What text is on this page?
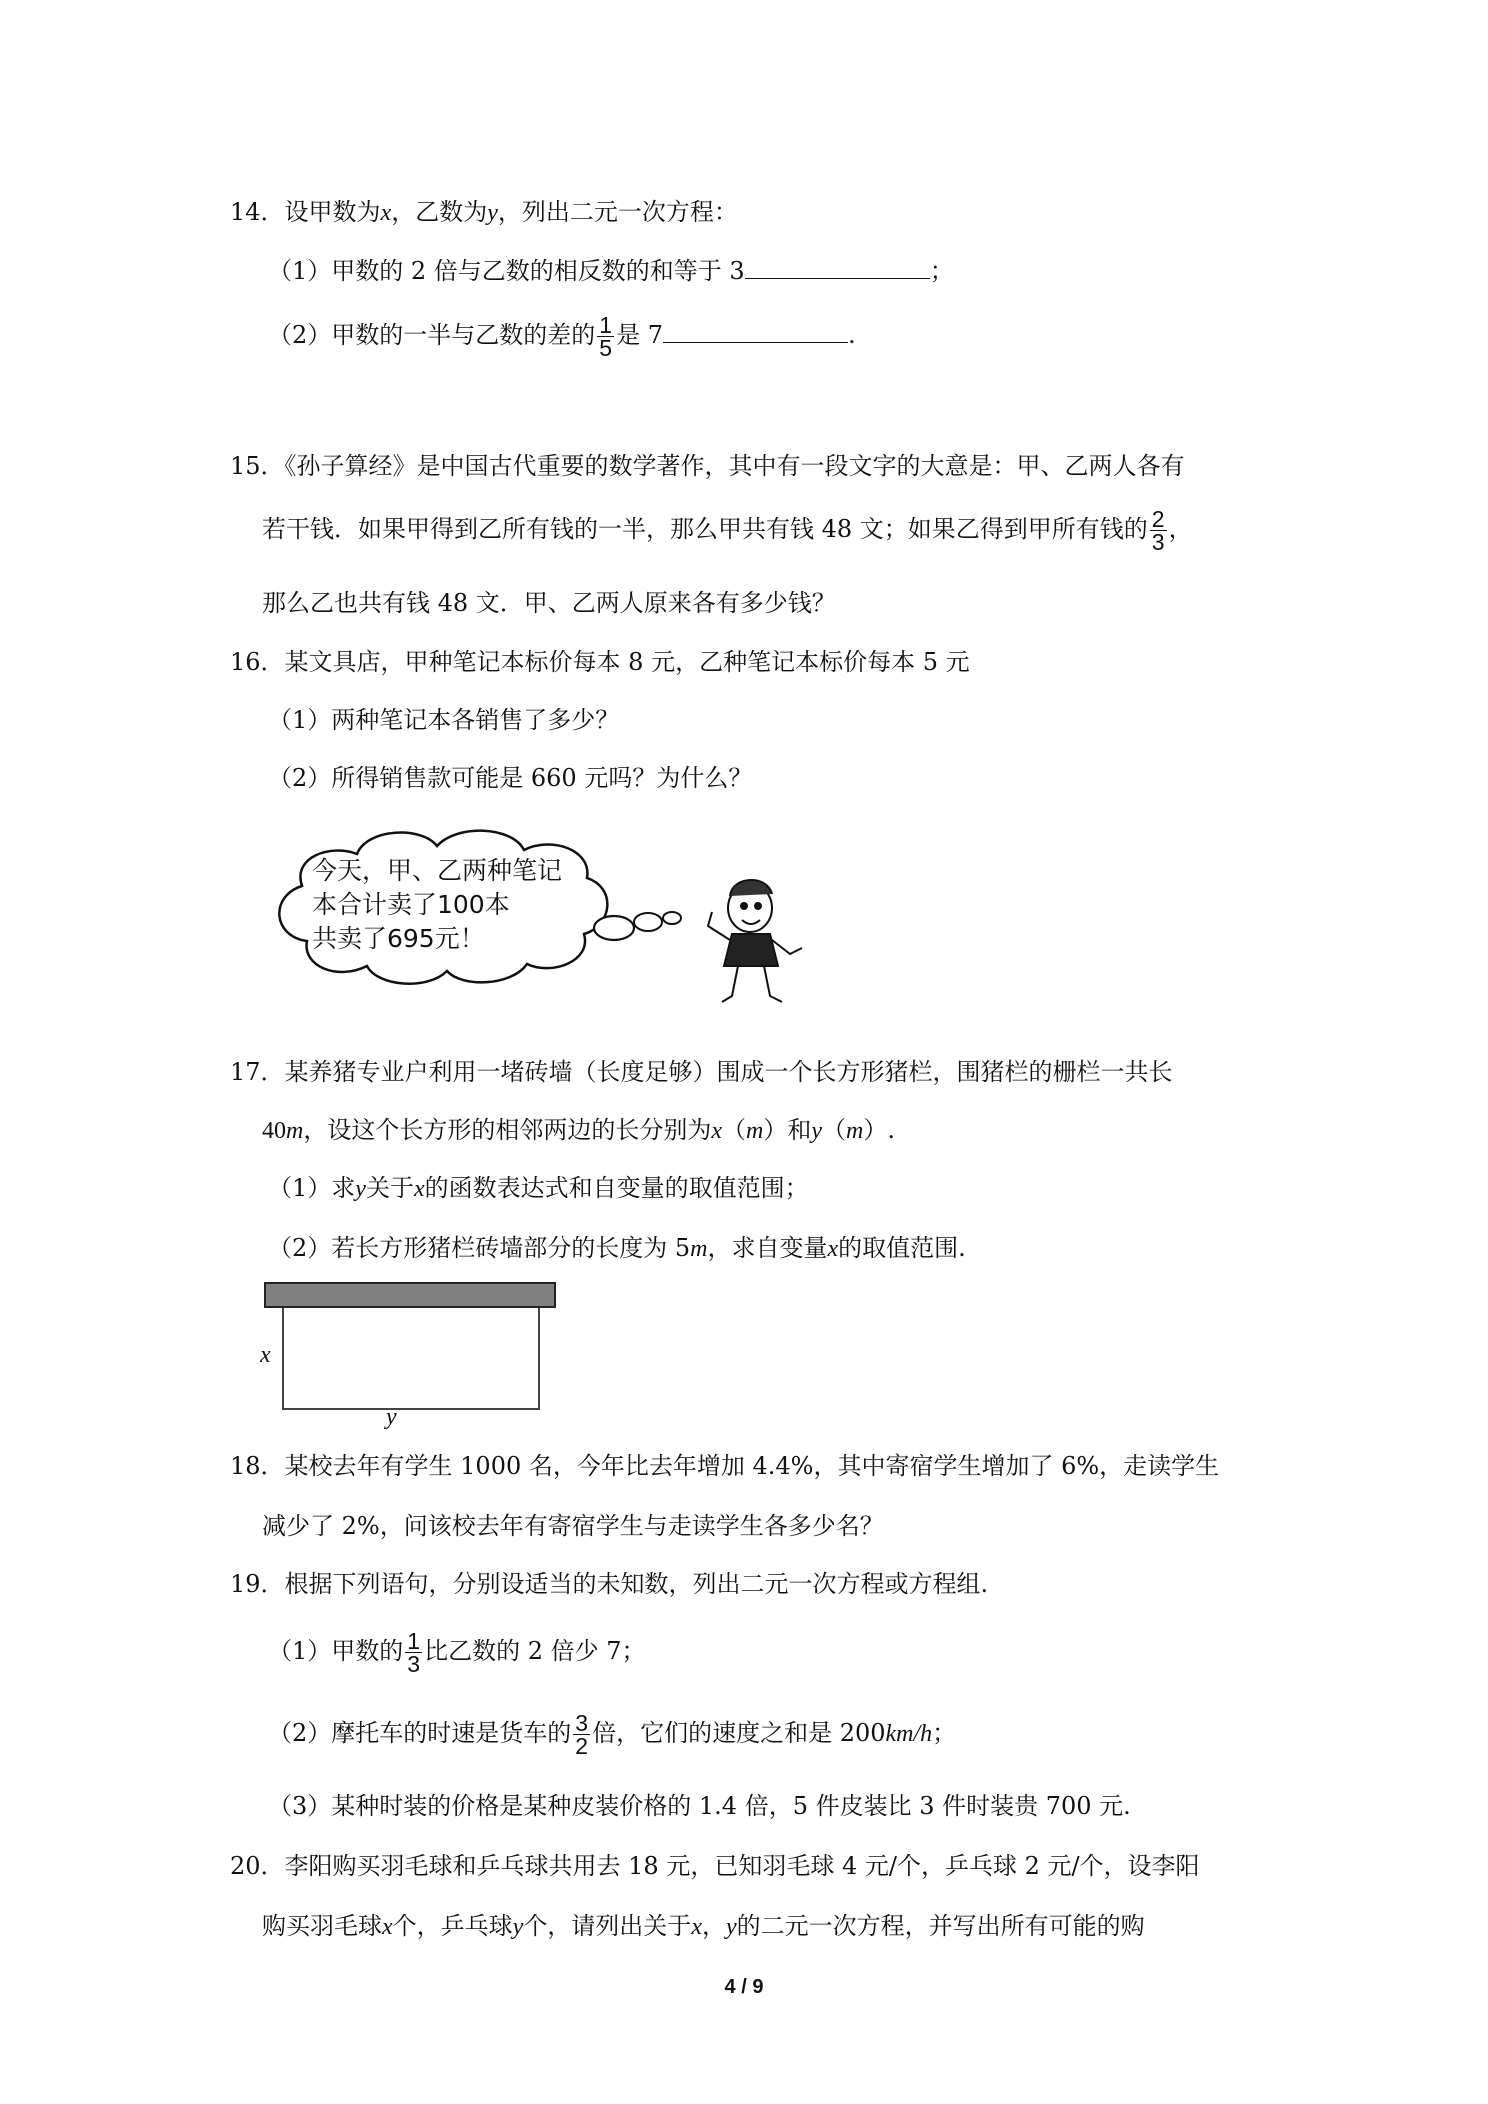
14．设甲数为x，乙数为y，列出二元一次方程：
（1）甲数的 2 倍与乙数的相反数的和等于 3	；
（2）甲数的一半与乙数的差的 $\frac{1}{5}$ 是 7	.
15．《孙子算经》是中国古代重要的数学著作，其中有一段文字的大意是：甲、乙两人各有
若干钱．如果甲得到乙所有钱的一半，那么甲共有钱 48 文；如果乙得到甲所有钱的 $\frac{2}{3}$ ，
那么乙也共有钱 48 文．甲、乙两人原来各有多少钱？
16．某文具店，甲种笔记本标价每本 8 元，乙种笔记本标价每本 5 元
（1）两种笔记本各销售了多少？
（2）所得销售款可能是 660 元吗？为什么？
今天，甲、乙两种笔记
本合计卖了100本
共卖了695元！
17．某养猪专业户利用一堵砖墙（长度足够）围成一个长方形猪栏，围猪栏的栅栏一共长
40m，设这个长方形的相邻两边的长分别为x（m）和y（m）.
（1）求y关于x的函数表达式和自变量的取值范围；
（2）若长方形猪栏砖墙部分的长度为 5m，求自变量x的取值范围.
x
y
18．某校去年有学生 1000 名，今年比去年增加 4.4%，其中寄宿学生增加了 6%，走读学生
减少了 2%，问该校去年有寄宿学生与走读学生各多少名？
19．根据下列语句，分别设适当的未知数，列出二元一次方程或方程组.
（1）甲数的 $\frac{1}{3}$ 比乙数的 2 倍少 7；
（2）摩托车的时速是货车的 $\frac{3}{2}$ 倍，它们的速度之和是 200km/h；
（3）某种时装的价格是某种皮装价格的 1.4 倍，5 件皮装比 3 件时装贵 700 元.
20．李阳购买羽毛球和乒乓球共用去 18 元，已知羽毛球 4 元/个，乒乓球 2 元/个，设李阳
购买羽毛球x个，乒乓球y个，请列出关于x，y的二元一次方程，并写出所有可能的购
4 / 9
